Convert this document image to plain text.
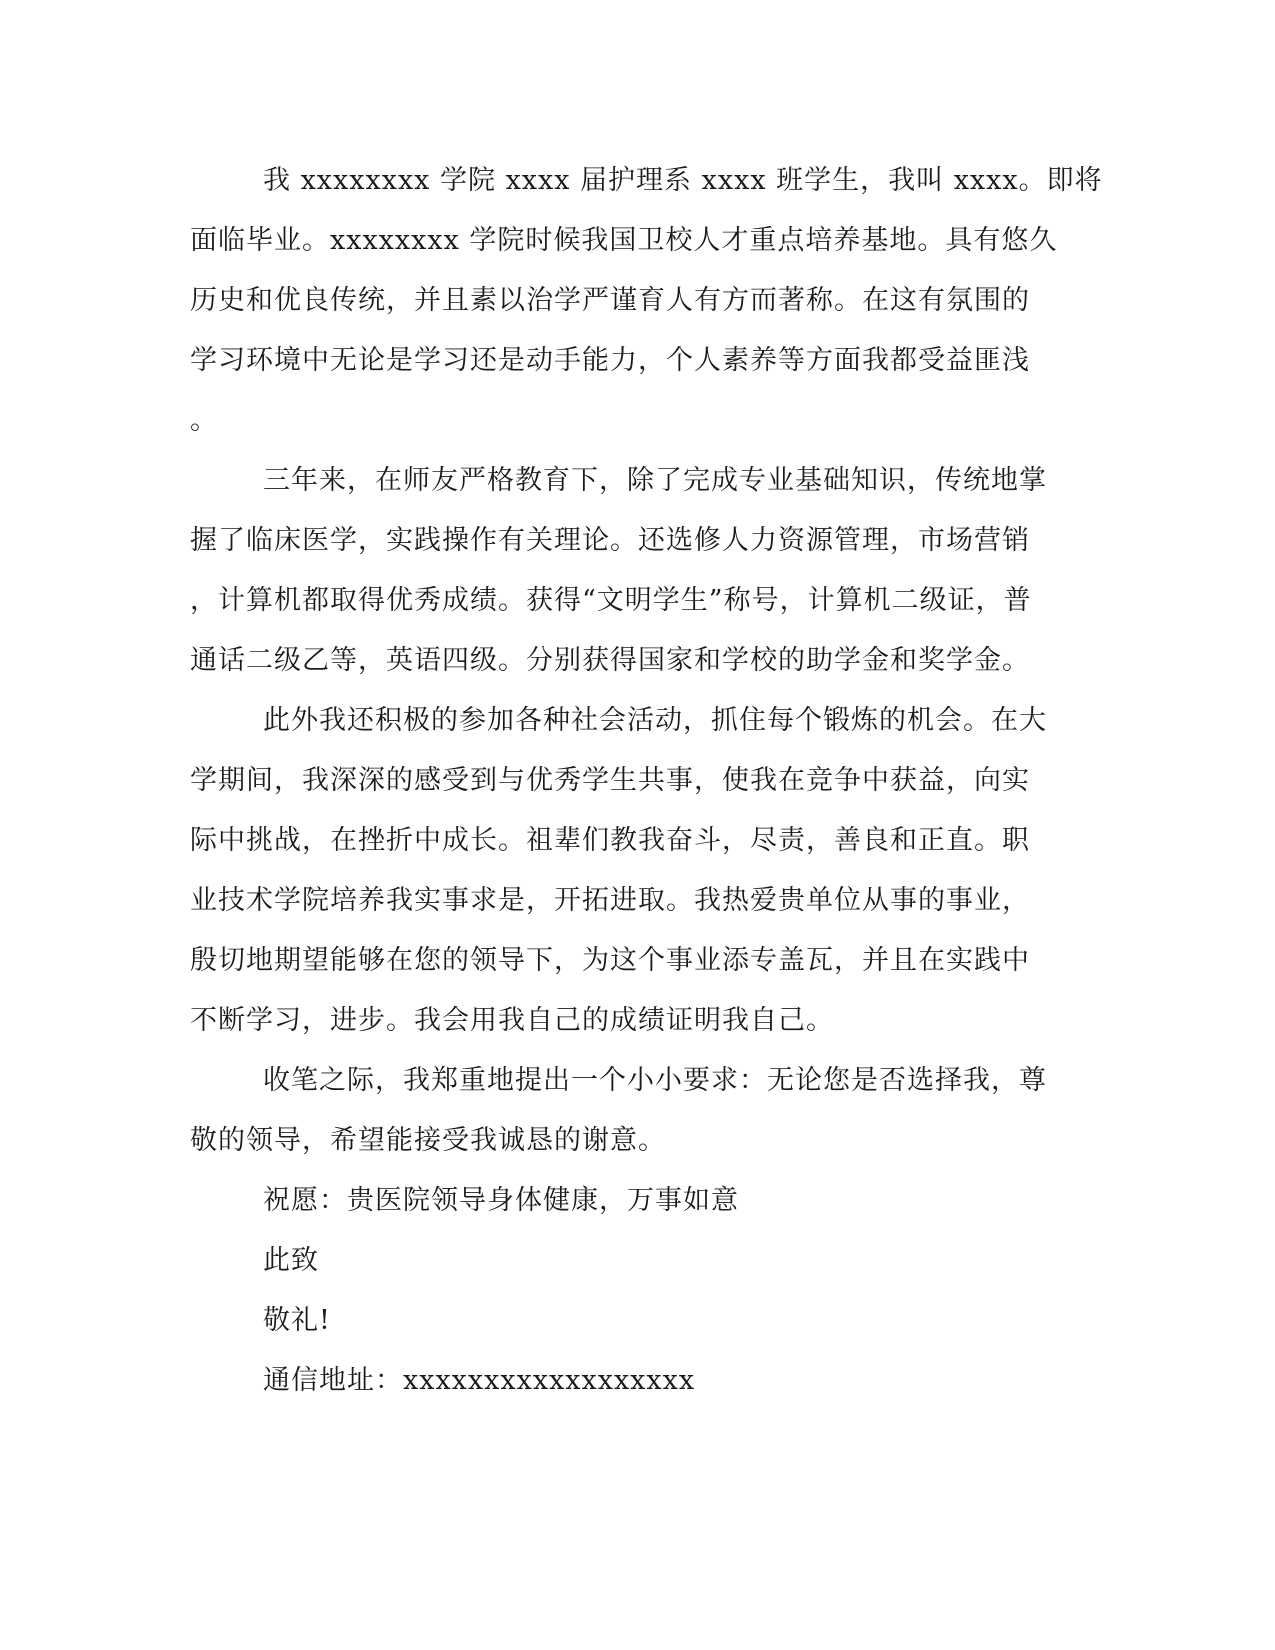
我 xxxxxxxx 学院 xxxx 届护理系 xxxx 班学生，我叫 xxxx。即将
面临毕业。xxxxxxxx 学院时候我国卫校人才重点培养基地。具有悠久
历史和优良传统，并且素以治学严谨育人有方而著称。在这有氛围的
学习环境中无论是学习还是动手能力，个人素养等方面我都受益匪浅
。
三年来，在师友严格教育下，除了完成专业基础知识，传统地掌
握了临床医学，实践操作有关理论。还选修人力资源管理，市场营销
，计算机都取得优秀成绩。获得“文明学生”称号，计算机二级证，普
通话二级乙等，英语四级。分别获得国家和学校的助学金和奖学金。
此外我还积极的参加各种社会活动，抓住每个锻炼的机会。在大
学期间，我深深的感受到与优秀学生共事，使我在竞争中获益，向实
际中挑战，在挫折中成长。祖辈们教我奋斗，尽责，善良和正直。职
业技术学院培养我实事求是，开拓进取。我热爱贵单位从事的事业，
殷切地期望能够在您的领导下，为这个事业添专盖瓦，并且在实践中
不断学习，进步。我会用我自己的成绩证明我自己。
收笔之际，我郑重地提出一个小小要求：无论您是否选择我，尊
敬的领导，希望能接受我诚恳的谢意。
祝愿：贵医院领导身体健康，万事如意
此致
敬礼!
通信地址：xxxxxxxxxxxxxxxxxx
